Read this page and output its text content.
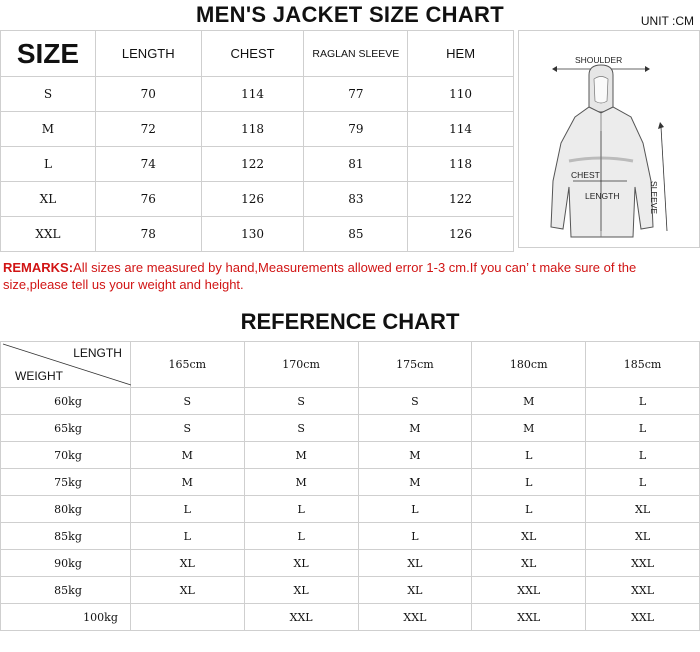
MEN'S JACKET SIZE CHART	UNIT :CM
SIZE	LENGTH	CHEST	RAGLAN SLEEVE	HEM
S	70	114	77	110
M	72	118	79	114
L	74	122	81	118
XL	76	126	83	122
XXL	78	130	85	126
SHOULDER
CHEST
LENGTH	SLEEVE
REMARKS:All sizes are measured by hand,Measurements allowed error 1-3 cm.If you can’ t make sure of the size,please tell us your weight and height.
REFERENCE CHART
LENGTH
WEIGHT	165cm	170cm	175cm	180cm	185cm
60kg	S	S	S	M	L
65kg	S	S	M	M	L
70kg	M	M	M	L	L
75kg	M	M	M	L	L
80kg	L	L	L	L	XL
85kg	L	L	L	XL	XL
90kg	XL	XL	XL	XL	XXL
85kg	XL	XL	XL	XXL	XXL
100kg		XXL	XXL	XXL	XXL
